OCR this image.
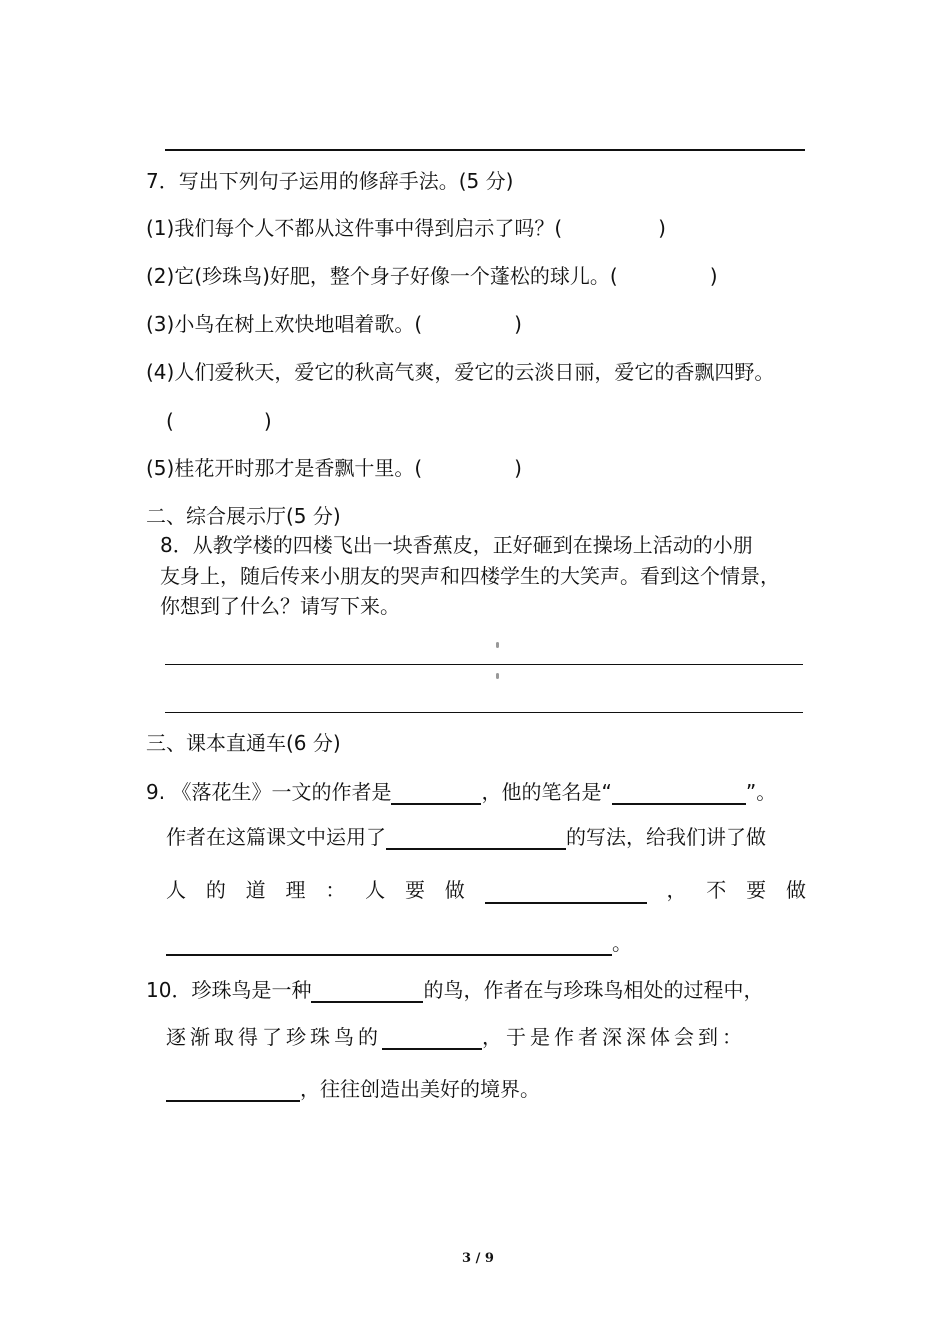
7．写出下列句子运用的修辞手法。(5 分)
(1)我们每个人不都从这件事中得到启示了吗？(	)
(2)它(珍珠鸟)好肥，整个身子好像一个蓬松的球儿。(	)
(3)小鸟在树上欢快地唱着歌。(	)
(4)人们爱秋天，爱它的秋高气爽，爱它的云淡日丽，爱它的香飘四野。
(	)
(5)桂花开时那才是香飘十里。(	)
二、综合展示厅(5 分)
8．从教学楼的四楼飞出一块香蕉皮，正好砸到在操场上活动的小朋
友身上，随后传来小朋友的哭声和四楼学生的大笑声。看到这个情景，
你想到了什么？请写下来。
三、课本直通车(6 分)
9. 《落花生》一文的作者是	，他的笔名是“	”。
作者在这篇课文中运用了	的写法，给我们讲了做
人 的 道 理 ： 人 要 做	， 不 要 做
。
10．珍珠鸟是一种	的鸟，作者在与珍珠鸟相处的过程中，
逐渐取得了珍珠鸟的	，于是作者深深体会到：
，往往创造出美好的境界。
3 / 9
